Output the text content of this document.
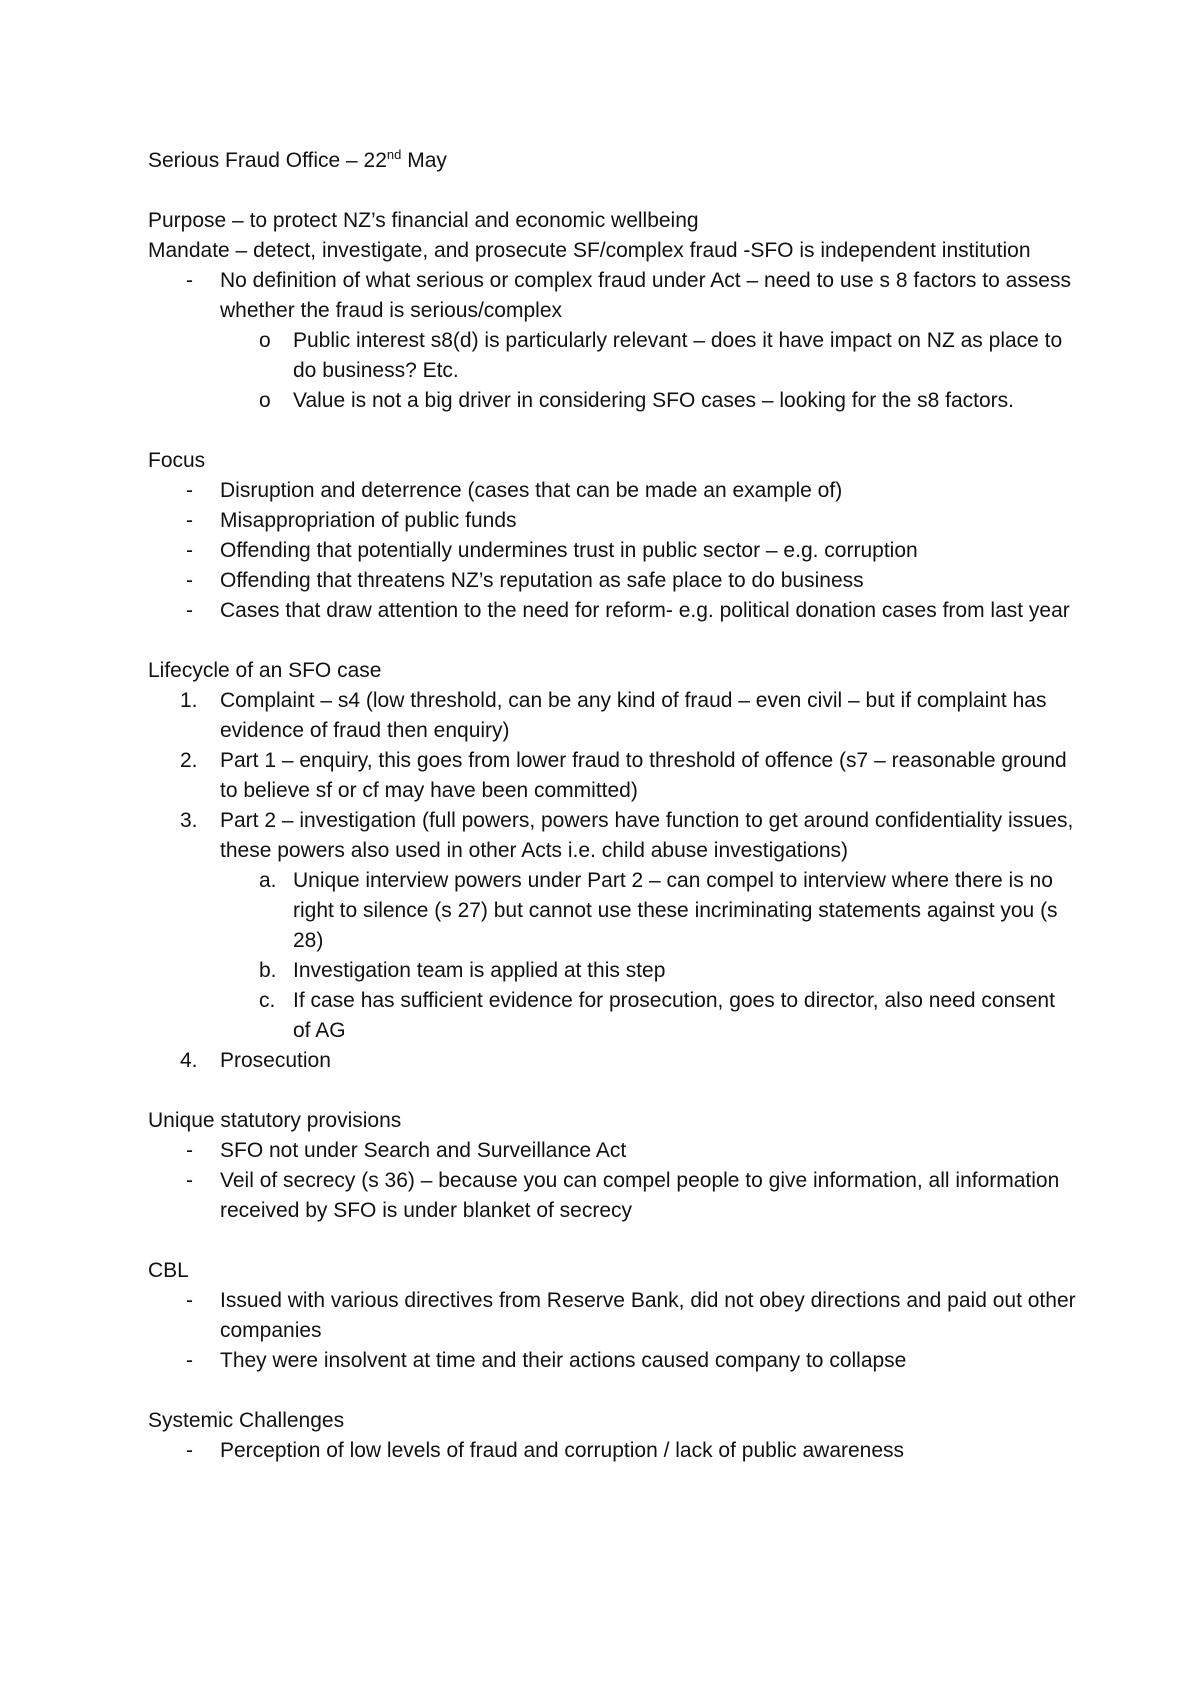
Serious Fraud Office – 22nd May

Purpose – to protect NZ’s financial and economic wellbeing

Mandate – detect, investigate, and prosecute SF/complex fraud -SFO is independent institution

- No definition of what serious or complex fraud under Act – need to use s 8 factors to assess whether the fraud is serious/complex
o Public interest s8(d) is particularly relevant – does it have impact on NZ as place to do business? Etc.
o Value is not a big driver in considering SFO cases – looking for the s8 factors.

Focus

- Disruption and deterrence (cases that can be made an example of)
- Misappropriation of public funds
- Offending that potentially undermines trust in public sector – e.g. corruption
- Offending that threatens NZ’s reputation as safe place to do business
- Cases that draw attention to the need for reform- e.g. political donation cases from last year

Lifecycle of an SFO case

1. Complaint – s4 (low threshold, can be any kind of fraud – even civil – but if complaint has evidence of fraud then enquiry)
2. Part 1 – enquiry, this goes from lower fraud to threshold of offence (s7 – reasonable ground to believe sf or cf may have been committed)
3. Part 2 – investigation (full powers, powers have function to get around confidentiality issues, these powers also used in other Acts i.e. child abuse investigations)
a. Unique interview powers under Part 2 – can compel to interview where there is no right to silence (s 27) but cannot use these incriminating statements against you (s 28)
b. Investigation team is applied at this step
c. If case has sufficient evidence for prosecution, goes to director, also need consent of AG
4. Prosecution

Unique statutory provisions

- SFO not under Search and Surveillance Act
- Veil of secrecy (s 36) – because you can compel people to give information, all information received by SFO is under blanket of secrecy

CBL

- Issued with various directives from Reserve Bank, did not obey directions and paid out other companies
- They were insolvent at time and their actions caused company to collapse

Systemic Challenges

- Perception of low levels of fraud and corruption / lack of public awareness
